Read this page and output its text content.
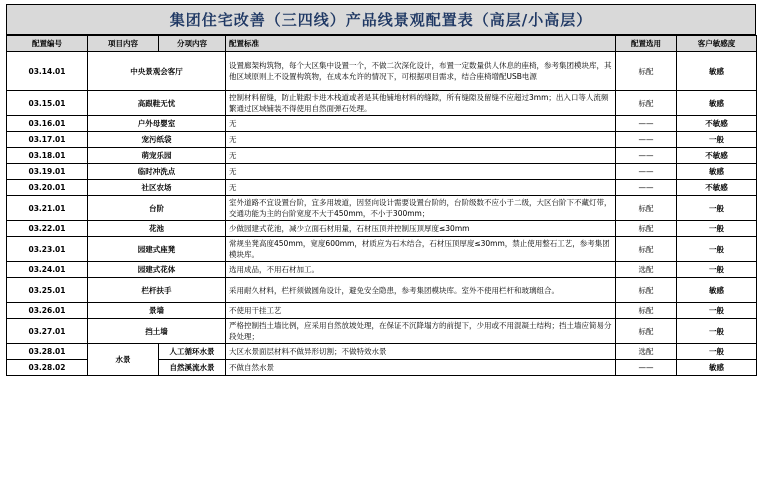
集团住宅改善（三四线）产品线景观配置表（高层/小高层）
配置编号	项目内容	分项内容	配置标准	配置选用	客户敏感度
03.14.01	中央景观会客厅		设置廊架构筑物，每个大区集中设置一个，不做二次深化设计，布置一定数量供人休息的座椅，参考集团模块库，其他区域原则上不设置构筑物，在成本允许的情况下，可根据项目需求，结合座椅增配USB电源	标配	敏感
03.15.01	高跟鞋无忧		控制材料留缝，防止鞋跟卡进木栈道或者是其他铺地材料的缝隙，所有缝隙及留缝不应超过3mm；出入口等人流频繁通过区域铺装不得使用自然面弹石处理。	标配	敏感
03.16.01	户外母婴室		无	——	不敏感
03.17.01	宠污纸袋		无	——	一般
03.18.01	萌宠乐园		无	——	不敏感
03.19.01	临时冲洗点		无	——	敏感
03.20.01	社区农场		无	——	不敏感
03.21.01	台阶		室外道路不宜设置台阶，宜多用坡道，因竖向设计需要设置台阶的，台阶级数不应小于二级，大区台阶下不藏灯带，交通功能为主的台阶宽度不大于450mm，不小于300mm；	标配	一般
03.22.01	花池		少做园建式花池，减少立面石材用量，石材压顶并控制压顶厚度≤30mm	标配	一般
03.23.01	园建式座凳		常规坐凳高度450mm，宽度600mm，材质应为石木结合，石材压顶厚度≤30mm，禁止使用整石工艺，参考集团模块库。	标配	一般
03.24.01	园建式花体		选用成品，不用石材加工。	选配	一般
03.25.01	栏杆扶手		采用耐久材料，栏杆须做圆角设计，避免安全隐患，参考集团模块库。室外不使用栏杆和玻璃组合。	标配	敏感
03.26.01	景墙		不使用干挂工艺	标配	一般
03.27.01	挡土墙		严格控制挡土墙比例，应采用自然放坡处理，在保证不沉降塌方的前提下，少用或不用混凝土结构；挡土墙应简易分段处理；	标配	一般
03.28.01	水景	人工循环水景	大区水景面层材料不做异形切割；不做特效水景	选配	一般
03.28.02		自然溪流水景	不做自然水景	——	敏感
